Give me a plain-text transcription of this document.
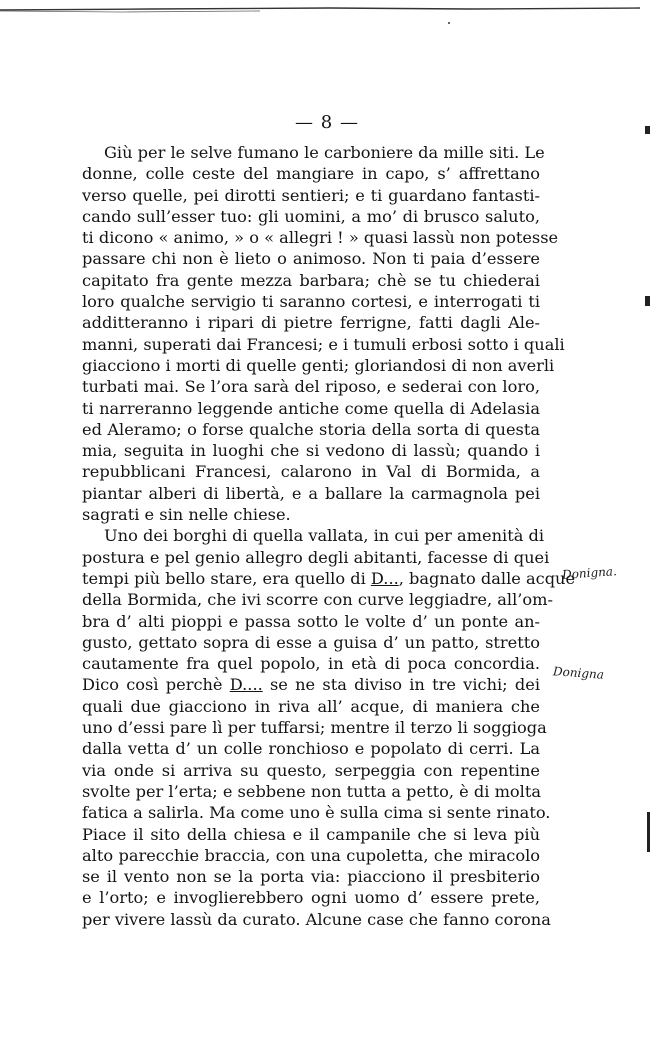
— 8 —
Giù per le selve fumano le carboniere da mille siti. Le
donne, colle ceste del mangiare in capo, s’ affrettano
verso quelle, pei dirotti sentieri; e ti guardano fantasti-
cando sull’esser tuo: gli uomini, a mo’ di brusco saluto,
ti dicono « animo, » o « allegri ! » quasi lassù non potesse
passare chi non è lieto o animoso. Non ti paia d’essere
capitato fra gente mezza barbara; chè se tu chiederai
loro qualche servigio ti saranno cortesi, e interrogati ti
additteranno i ripari di pietre ferrigne, fatti dagli Ale-
manni, superati dai Francesi; e i tumuli erbosi sotto i quali
giacciono i morti di quelle genti; gloriandosi di non averli
turbati mai. Se l’ora sarà del riposo, e sederai con loro,
ti narreranno leggende antiche come quella di Adelasia
ed Aleramo; o forse qualche storia della sorta di questa
mia, seguita in luoghi che si vedono di lassù; quando i
repubblicani Francesi, calarono in Val di Bormida, a
piantar alberi di libertà, e a ballare la carmagnola pei
sagrati e sin nelle chiese.
Uno dei borghi di quella vallata, in cui per amenità di
postura e pel genio allegro degli abitanti, facesse di quei
tempi più bello stare, era quello di D..., bagnato dalle acque
della Bormida, che ivi scorre con curve leggiadre, all’om-
bra d’ alti pioppi e passa sotto le volte d’ un ponte an-
gusto, gettato sopra di esse a guisa d’ un patto, stretto
cautamente fra quel popolo, in età di poca concordia.
Dico così perchè D.... se ne sta diviso in tre vichi; dei
quali due giacciono in riva all’ acque, di maniera che
uno d’essi pare lì per tuffarsi; mentre il terzo li soggioga
dalla vetta d’ un colle ronchioso e popolato di cerri. La
via onde si arriva su questo, serpeggia con repentine
svolte per l’erta; e sebbene non tutta a petto, è di molta
fatica a salirla. Ma come uno è sulla cima si sente rinato.
Piace il sito della chiesa e il campanile che si leva più
alto parecchie braccia, con una cupoletta, che miracolo
se il vento non se la porta via: piacciono il presbiterio
e l’orto; e invoglierebbero ogni uomo d’ essere prete,
per vivere lassù da curato. Alcune case che fanno corona
Donigna.
Donigna
